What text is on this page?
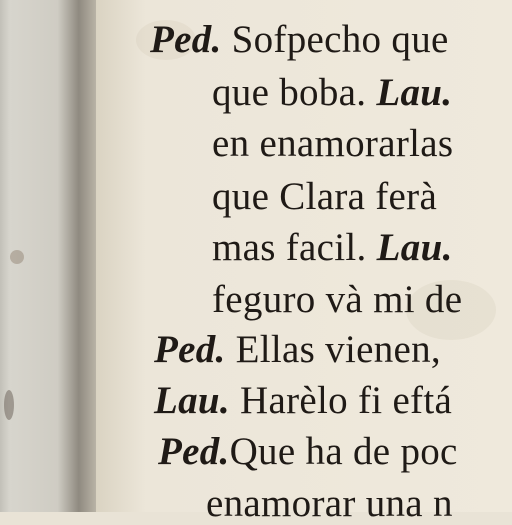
Ped. Sofpecho que
que boba. Lau.
en enamorarlas
que Clara ferà
mas facil. Lau.
feguro và mi de
Ped. Ellas vienen,
Lau. Harèlo fi eftá
Ped.Que ha de poc
enamorar una n
